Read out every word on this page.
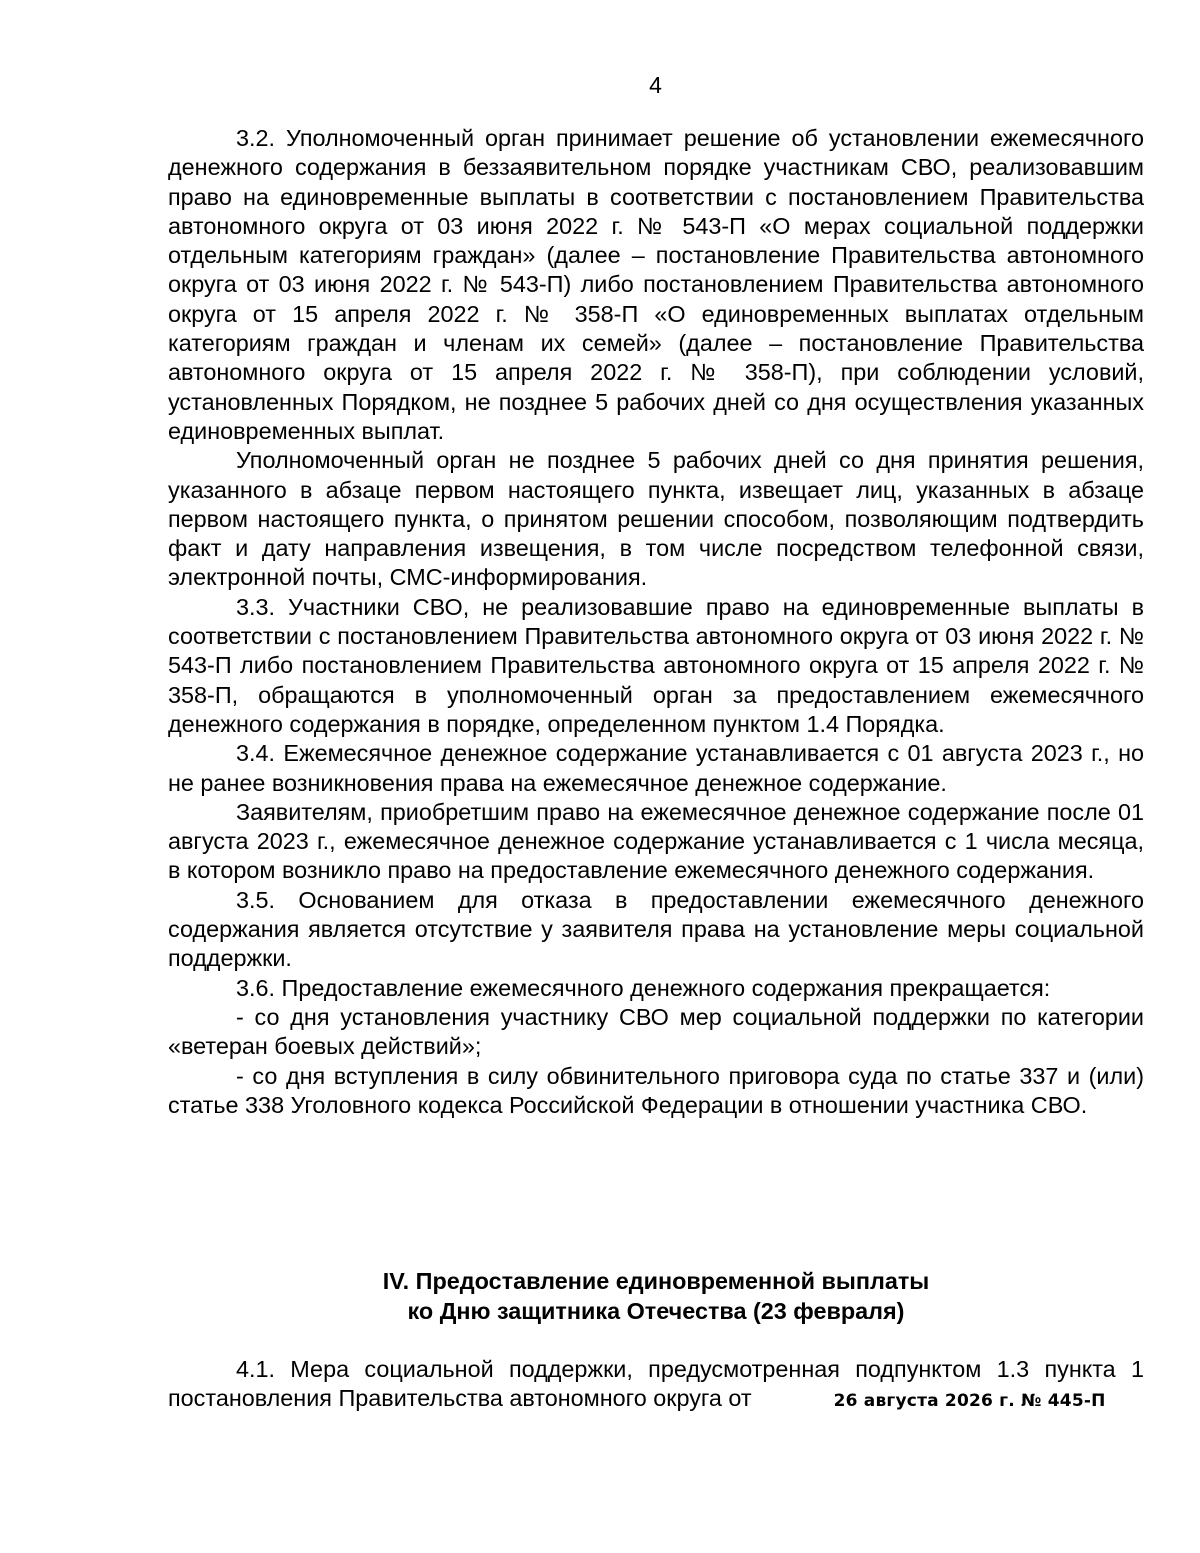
4

3.2. Уполномоченный орган принимает решение об установлении ежемесячного денежного содержания в беззаявительном порядке участникам СВО, реализовавшим право на единовременные выплаты в соответствии с постановлением Правительства автономного округа от 03 июня 2022 г. № 543-П «О мерах социальной поддержки отдельным категориям граждан» (далее – постановление Правительства автономного округа от 03 июня 2022 г. № 543-П) либо постановлением Правительства автономного округа от 15 апреля 2022 г. № 358-П «О единовременных выплатах отдельным категориям граждан и членам их семей» (далее – постановление Правительства автономного округа от 15 апреля 2022 г. № 358-П), при соблюдении условий, установленных Порядком, не позднее 5 рабочих дней со дня осуществления указанных единовременных выплат.

Уполномоченный орган не позднее 5 рабочих дней со дня принятия решения, указанного в абзаце первом настоящего пункта, извещает лиц, указанных в абзаце первом настоящего пункта, о принятом решении способом, позволяющим подтвердить факт и дату направления извещения, в том числе посредством телефонной связи, электронной почты, СМС-информирования.

3.3. Участники СВО, не реализовавшие право на единовременные выплаты в соответствии с постановлением Правительства автономного округа от 03 июня 2022 г. № 543-П либо постановлением Правительства автономного округа от 15 апреля 2022 г. № 358-П, обращаются в уполномоченный орган за предоставлением ежемесячного денежного содержания в порядке, определенном пунктом 1.4 Порядка.

3.4. Ежемесячное денежное содержание устанавливается с 01 августа 2023 г., но не ранее возникновения права на ежемесячное денежное содержание.

Заявителям, приобретшим право на ежемесячное денежное содержание после 01 августа 2023 г., ежемесячное денежное содержание устанавливается с 1 числа месяца, в котором возникло право на предоставление ежемесячного денежного содержания.

3.5. Основанием для отказа в предоставлении ежемесячного денежного содержания является отсутствие у заявителя права на установление меры социальной поддержки.

3.6. Предоставление ежемесячного денежного содержания прекращается:

- со дня установления участнику СВО мер социальной поддержки по категории «ветеран боевых действий»;

- со дня вступления в силу обвинительного приговора суда по статье 337 и (или) статье 338 Уголовного кодекса Российской Федерации в отношении участника СВО.

IV. Предоставление единовременной выплаты
ко Дню защитника Отечества (23 февраля)

4.1. Мера социальной поддержки, предусмотренная подпунктом 1.3 пункта 1 постановления Правительства автономного округа от	26 августа 2026 г. № 445-П
